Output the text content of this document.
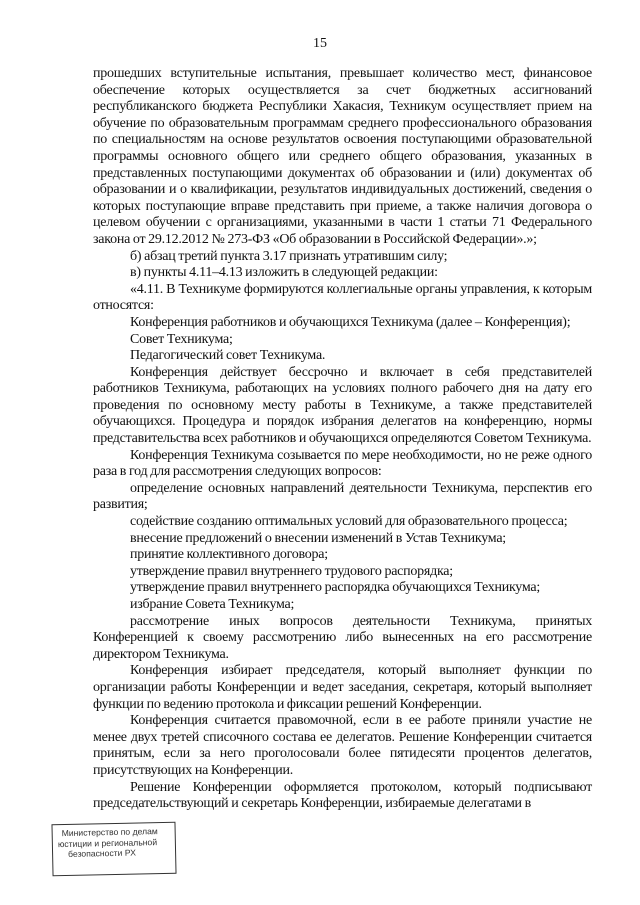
15

прошедших вступительные испытания, превышает количество мест, финансовое обеспечение которых осуществляется за счет бюджетных ассигнований республиканского бюджета Республики Хакасия, Техникум осуществляет прием на обучение по образовательным программам среднего профессионального образования по специальностям на основе результатов освоения поступающими образовательной программы основного общего или среднего общего образования, указанных в представленных поступающими документах об образовании и (или) документах об образовании и о квалификации, результатов индивидуальных достижений, сведения о которых поступающие вправе представить при приеме, а также наличия договора о целевом обучении с организациями, указанными в части 1 статьи 71 Федерального закона от 29.12.2012 № 273-ФЗ «Об образовании в Российской Федерации».»;

б) абзац третий пункта 3.17 признать утратившим силу;

в) пункты 4.11–4.13 изложить в следующей редакции:

«4.11. В Техникуме формируются коллегиальные органы управления, к которым относятся:

Конференция работников и обучающихся Техникума (далее – Конференция);

Совет Техникума;

Педагогический совет Техникума.

Конференция действует бессрочно и включает в себя представителей работников Техникума, работающих на условиях полного рабочего дня на дату его проведения по основному месту работы в Техникуме, а также представителей обучающихся. Процедура и порядок избрания делегатов на конференцию, нормы представительства всех работников и обучающихся определяются Советом Техникума.

Конференция Техникума созывается по мере необходимости, но не реже одного раза в год для рассмотрения следующих вопросов:

определение основных направлений деятельности Техникума, перспектив его развития;

содействие созданию оптимальных условий для образовательного процесса;

внесение предложений о внесении изменений в Устав Техникума;

принятие коллективного договора;

утверждение правил внутреннего трудового распорядка;

утверждение правил внутреннего распорядка обучающихся Техникума;

избрание Совета Техникума;

рассмотрение иных вопросов деятельности Техникума, принятых Конференцией к своему рассмотрению либо вынесенных на его рассмотрение директором Техникума.

Конференция избирает председателя, который выполняет функции по организации работы Конференции и ведет заседания, секретаря, который выполняет функции по ведению протокола и фиксации решений Конференции.

Конференция считается правомочной, если в ее работе приняли участие не менее двух третей списочного состава ее делегатов. Решение Конференции считается принятым, если за него проголосовали более пятидесяти процентов делегатов, присутствующих на Конференции.

Решение Конференции оформляется протоколом, который подписывают председательствующий и секретарь Конференции, избираемые делегатами в

Министерство по делам
юстиции и региональной
безопасности РХ
